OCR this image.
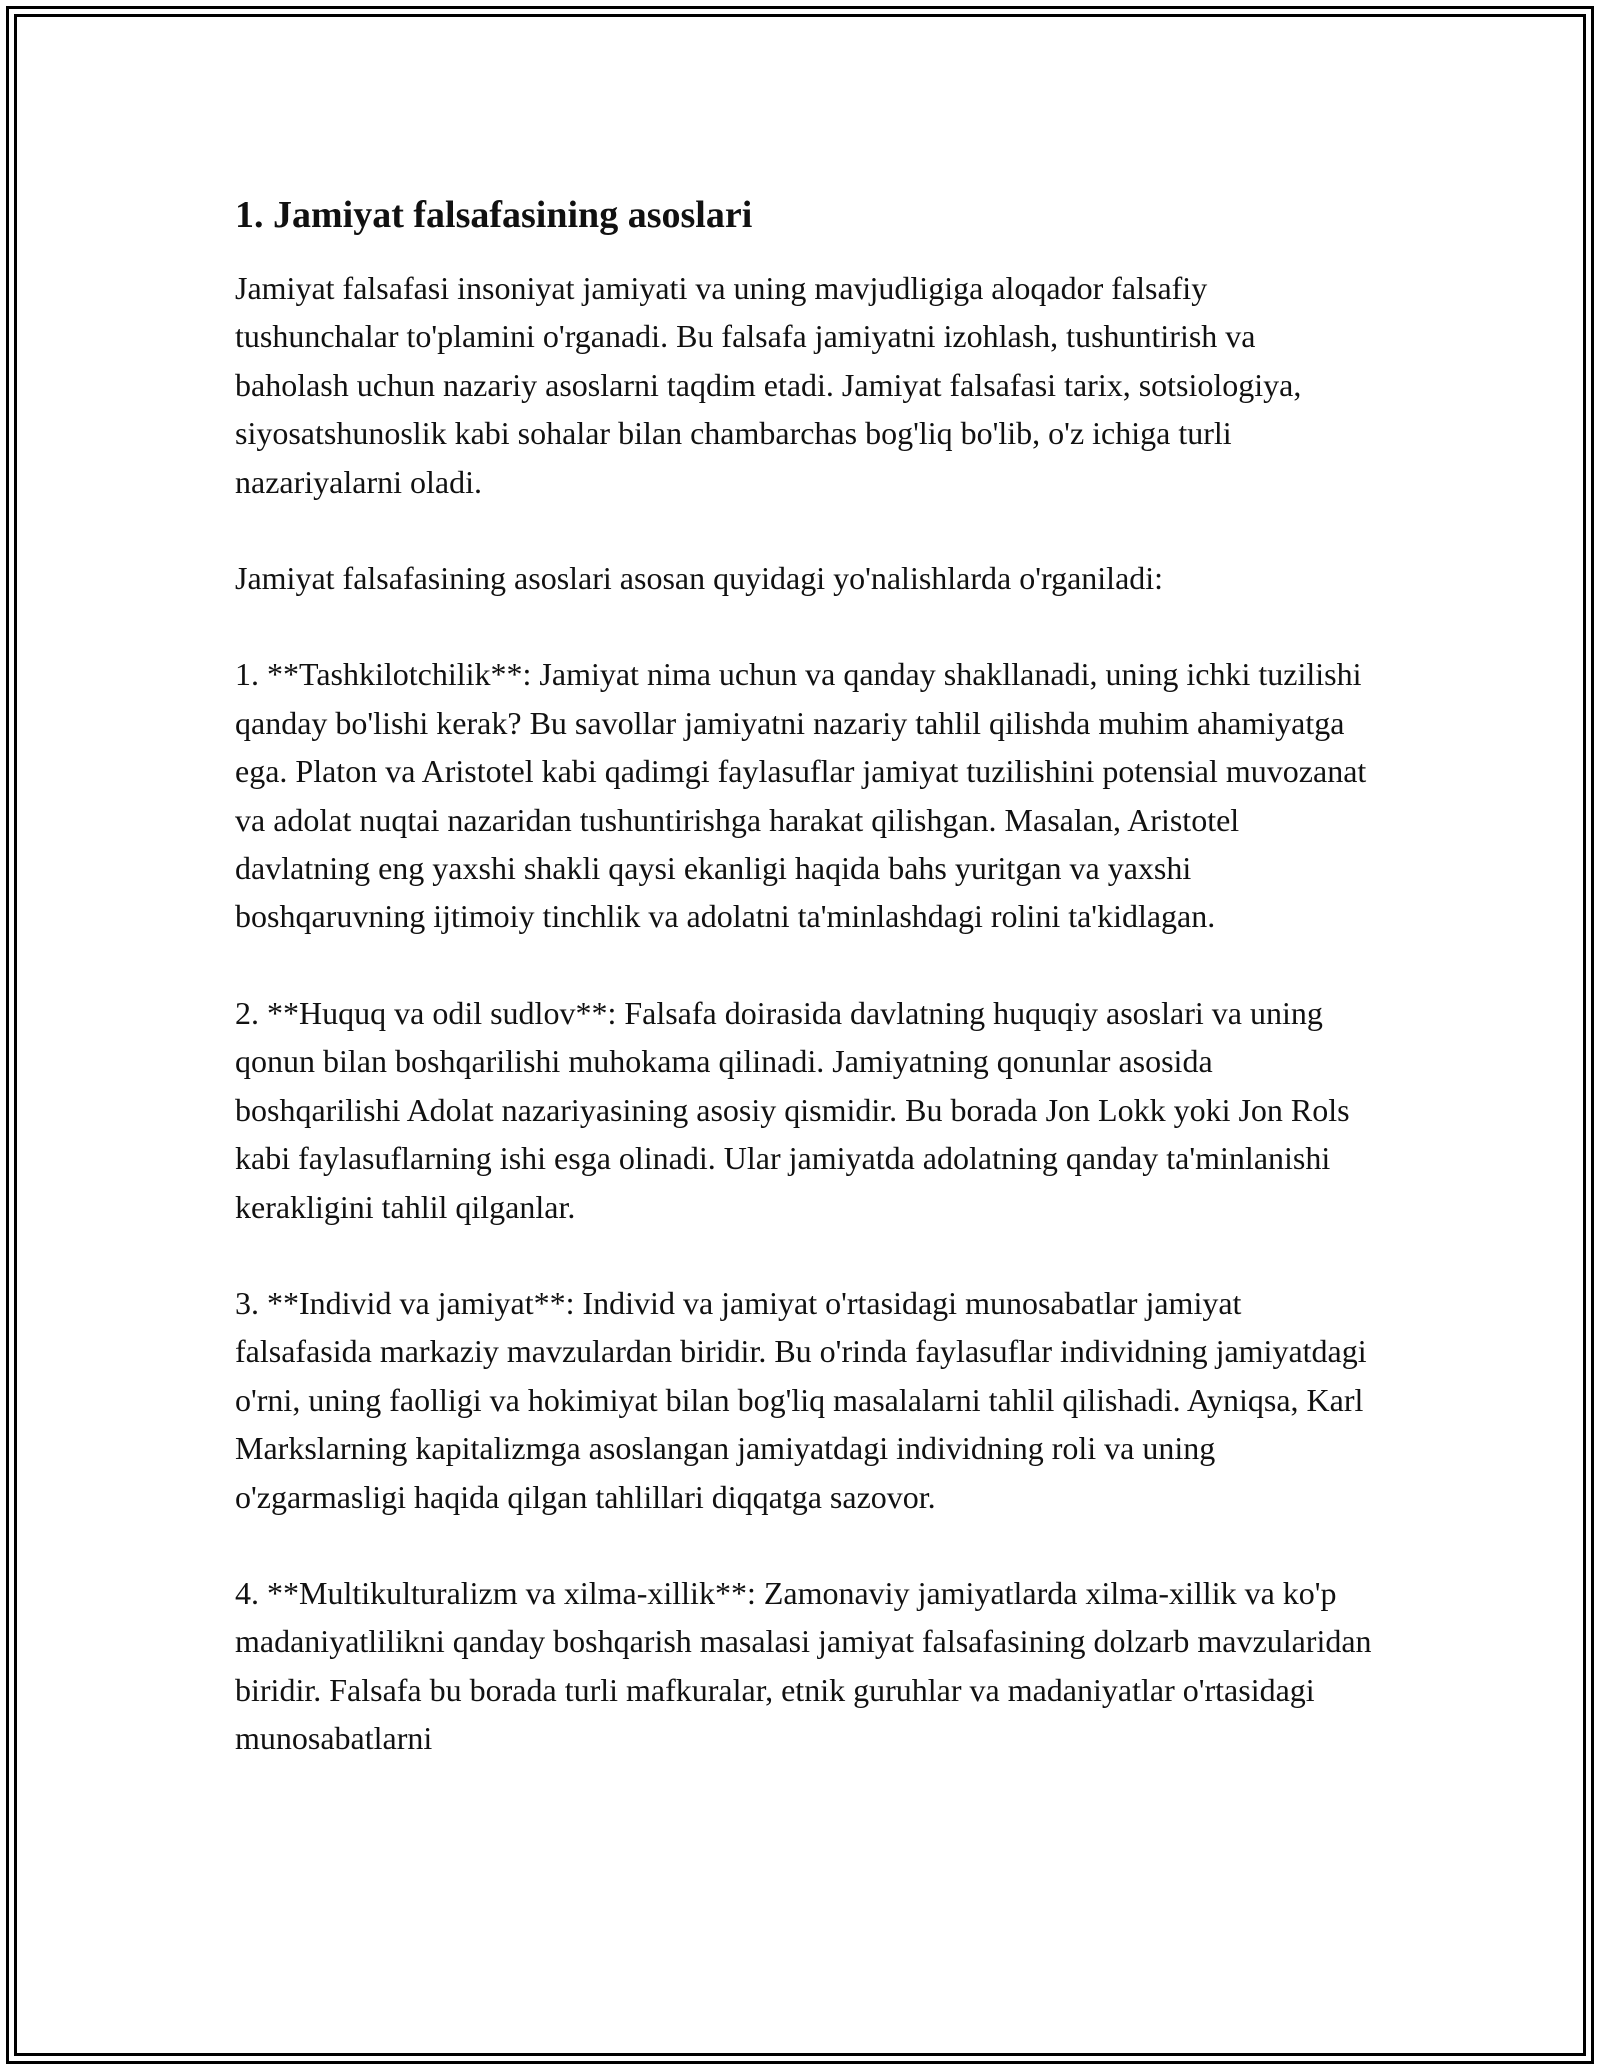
1. Jamiyat falsafasining asoslari

Jamiyat falsafasi insoniyat jamiyati va uning mavjudligiga aloqador falsafiy tushunchalar to'plamini o'rganadi. Bu falsafa jamiyatni izohlash, tushuntirish va baholash uchun nazariy asoslarni taqdim etadi. Jamiyat falsafasi tarix, sotsiologiya, siyosatshunoslik kabi sohalar bilan chambarchas bog'liq bo'lib, o'z ichiga turli nazariyalarni oladi.

Jamiyat falsafasining asoslari asosan quyidagi yo'nalishlarda o'rganiladi:

1. **Tashkilotchilik**: Jamiyat nima uchun va qanday shakllanadi, uning ichki tuzilishi qanday bo'lishi kerak? Bu savollar jamiyatni nazariy tahlil qilishda muhim ahamiyatga ega. Platon va Aristotel kabi qadimgi faylasuflar jamiyat tuzilishini potensial muvozanat va adolat nuqtai nazaridan tushuntirishga harakat qilishgan. Masalan, Aristotel davlatning eng yaxshi shakli qaysi ekanligi haqida bahs yuritgan va yaxshi boshqaruvning ijtimoiy tinchlik va adolatni ta'minlashdagi rolini ta'kidlagan.

2. **Huquq va odil sudlov**: Falsafa doirasida davlatning huquqiy asoslari va uning qonun bilan boshqarilishi muhokama qilinadi. Jamiyatning qonunlar asosida boshqarilishi Adolat nazariyasining asosiy qismidir. Bu borada Jon Lokk yoki Jon Rols kabi faylasuflarning ishi esga olinadi. Ular jamiyatda adolatning qanday ta'minlanishi kerakligini tahlil qilganlar.

3. **Individ va jamiyat**: Individ va jamiyat o'rtasidagi munosabatlar jamiyat falsafasida markaziy mavzulardan biridir. Bu o'rinda faylasuflar individning jamiyatdagi o'rni, uning faolligi va hokimiyat bilan bog'liq masalalarni tahlil qilishadi. Ayniqsa, Karl Markslarning kapitalizmga asoslangan jamiyatdagi individning roli va uning o'zgarmasligi haqida qilgan tahlillari diqqatga sazovor.

4. **Multikulturalizm va xilma-xillik**: Zamonaviy jamiyatlarda xilma-xillik va ko'p madaniyatlilikni qanday boshqarish masalasi jamiyat falsafasining dolzarb mavzularidan biridir. Falsafa bu borada turli mafkuralar, etnik guruhlar va madaniyatlar o'rtasidagi munosabatlarni
